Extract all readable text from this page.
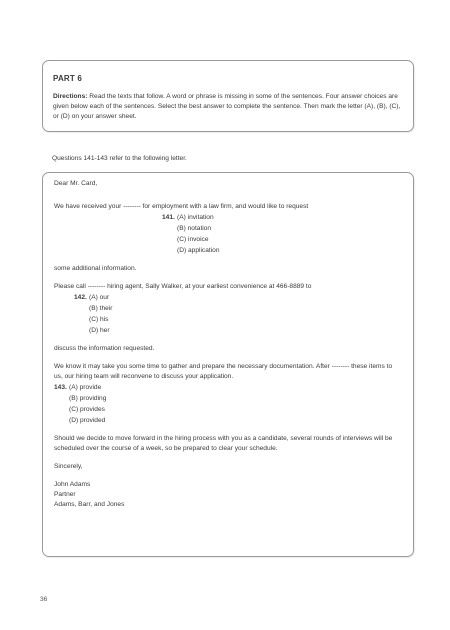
PART 6

Directions: Read the texts that follow. A word or phrase is missing in some of the sentences. Four answer choices are given below each of the sentences. Select the best answer to complete the sentence. Then mark the letter (A), (B), (C), or (D) on your answer sheet.

Questions 141-143 refer to the following letter.

Dear Mr. Card,

We have received your -------- for employment with a law firm, and would like to request

141. (A) invitation
(B) notation
(C) invoice
(D) application

some additional information.

Please call -------- hiring agent, Sally Walker, at your earliest convenience at 466-8889 to

142. (A) our
(B) their
(C) his
(D) her

discuss the information requested.

We know it may take you some time to gather and prepare the necessary documentation. After -------- these items to us, our hiring team will reconvene to discuss your application.

143. (A) provide
(B) providing
(C) provides
(D) provided

Should we decide to move forward in the hiring process with you as a candidate, several rounds of interviews will be scheduled over the course of a week, so be prepared to clear your schedule.

Sincerely,

John Adams

Partner

Adams, Barr, and Jones

36
